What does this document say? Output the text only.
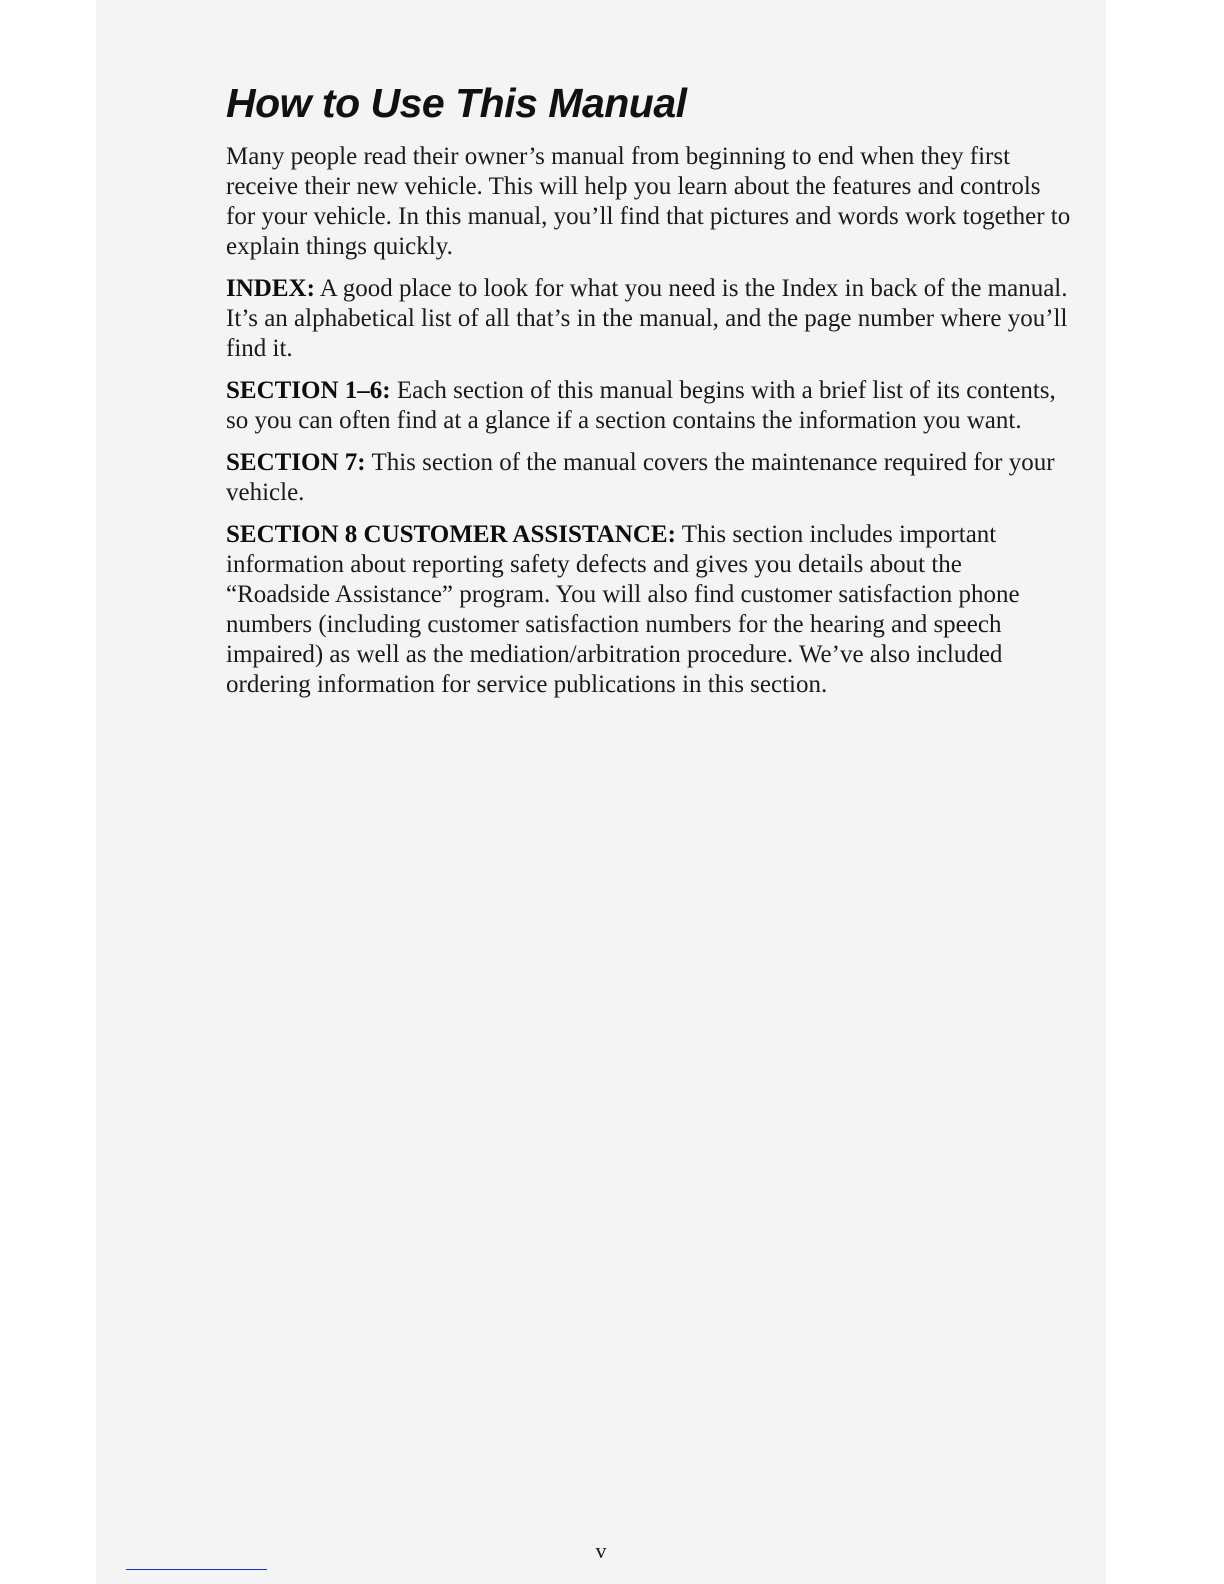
How to Use This Manual

Many people read their owner’s manual from beginning to end when they first receive their new vehicle. This will help you learn about the features and controls for your vehicle. In this manual, you’ll find that pictures and words work together to explain things quickly.

INDEX: A good place to look for what you need is the Index in back of the manual. It’s an alphabetical list of all that’s in the manual, and the page number where you’ll find it.

SECTION 1–6: Each section of this manual begins with a brief list of its contents, so you can often find at a glance if a section contains the information you want.

SECTION 7: This section of the manual covers the maintenance required for your vehicle.

SECTION 8 CUSTOMER ASSISTANCE: This section includes important information about reporting safety defects and gives you details about the “Roadside Assistance” program. You will also find customer satisfaction phone numbers (including customer satisfaction numbers for the hearing and speech impaired) as well as the mediation/arbitration procedure. We’ve also included ordering information for service publications in this section.

v
